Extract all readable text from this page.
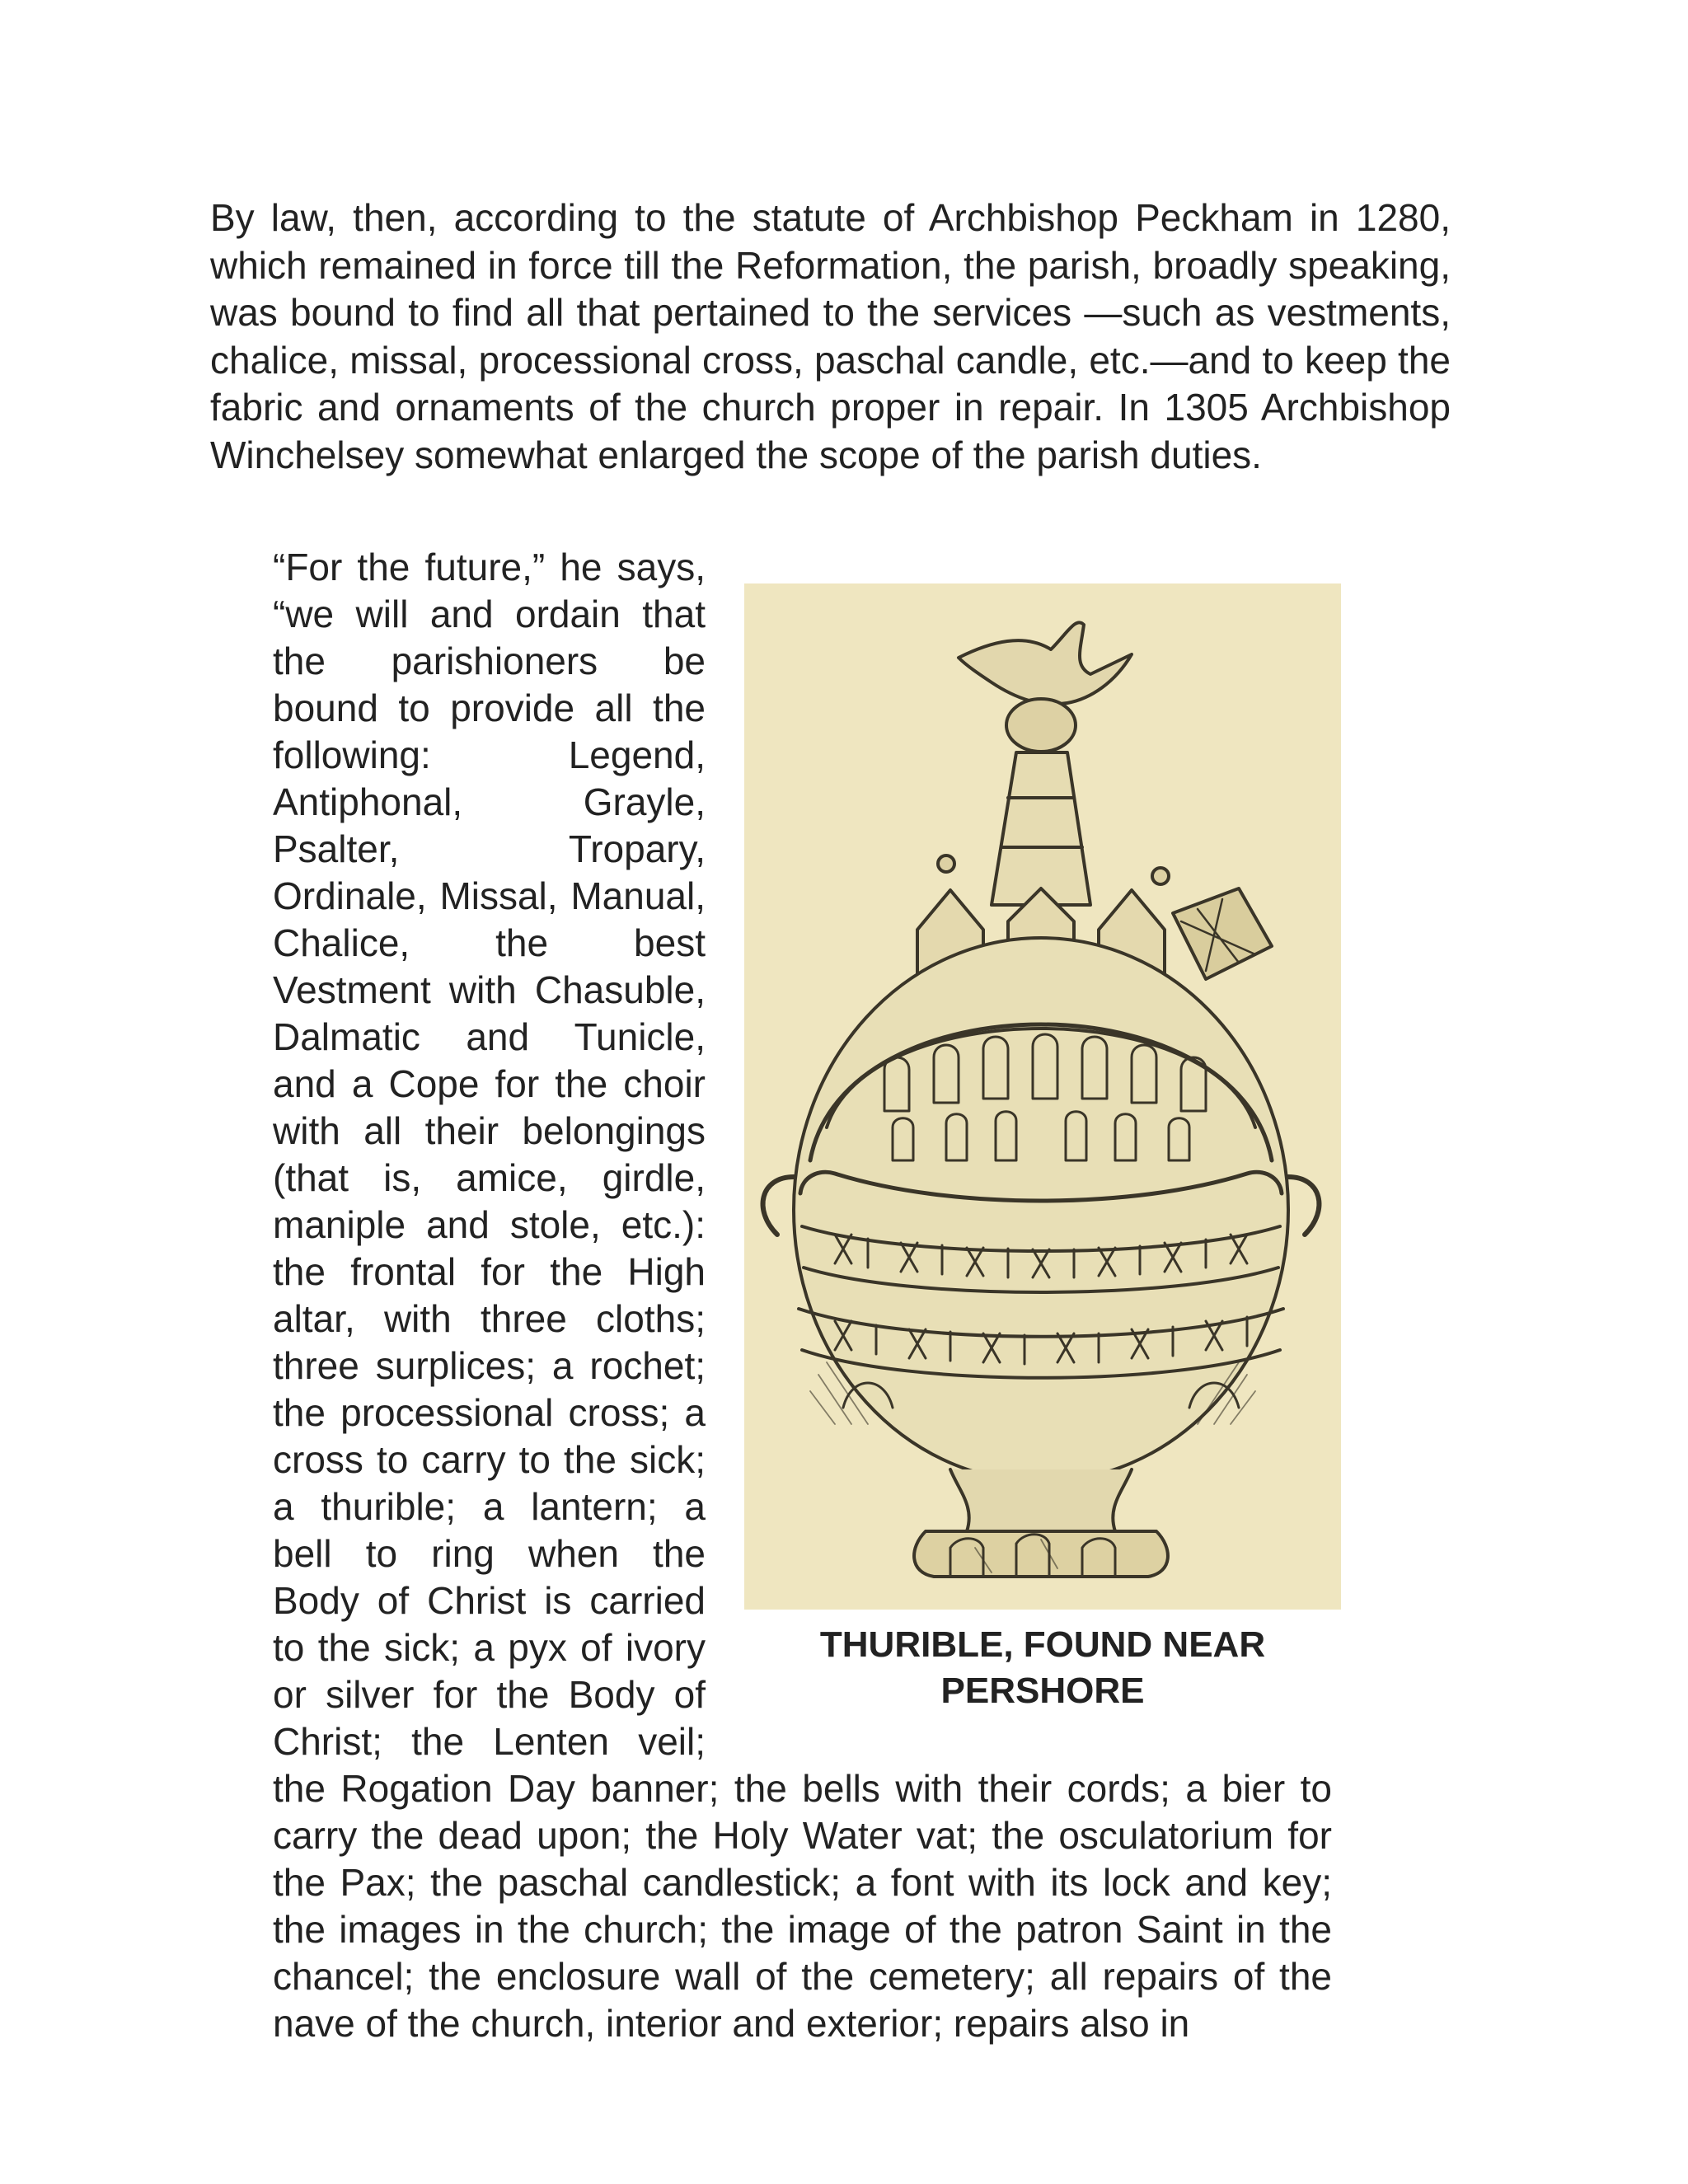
By law, then, according to the statute of Archbishop Peckham in 1280, which remained in force till the Reformation, the parish, broadly speaking, was bound to find all that pertained to the services —such as vestments, chalice, missal, processional cross, paschal candle, etc.—and to keep the fabric and ornaments of the church proper in repair. In 1305 Archbishop Winchelsey somewhat enlarged the scope of the parish duties.

THURIBLE, FOUND NEAR PERSHORE

“For the future,” he says, “we will and ordain that the parishioners be bound to provide all the following: Legend, Antiphonal, Grayle, Psalter, Tropary, Ordinale, Missal, Manual, Chalice, the best Vestment with Chasuble, Dalmatic and Tunicle, and a Cope for the choir with all their belongings (that is, amice, girdle, maniple and stole, etc.): the frontal for the High altar, with three cloths; three surplices; a rochet; the processional cross; a cross to carry to the sick; a thurible; a lantern; a bell to ring when the Body of Christ is carried to the sick; a pyx of ivory or silver for the Body of Christ; the Lenten veil; the Rogation Day banner; the bells with their cords; a bier to carry the dead upon; the Holy Water vat; the osculatorium for the Pax; the paschal candlestick; a font with its lock and key; the images in the church; the image of the patron Saint in the chancel; the enclosure wall of the cemetery; all repairs of the nave of the church, interior and exterior; repairs also in
